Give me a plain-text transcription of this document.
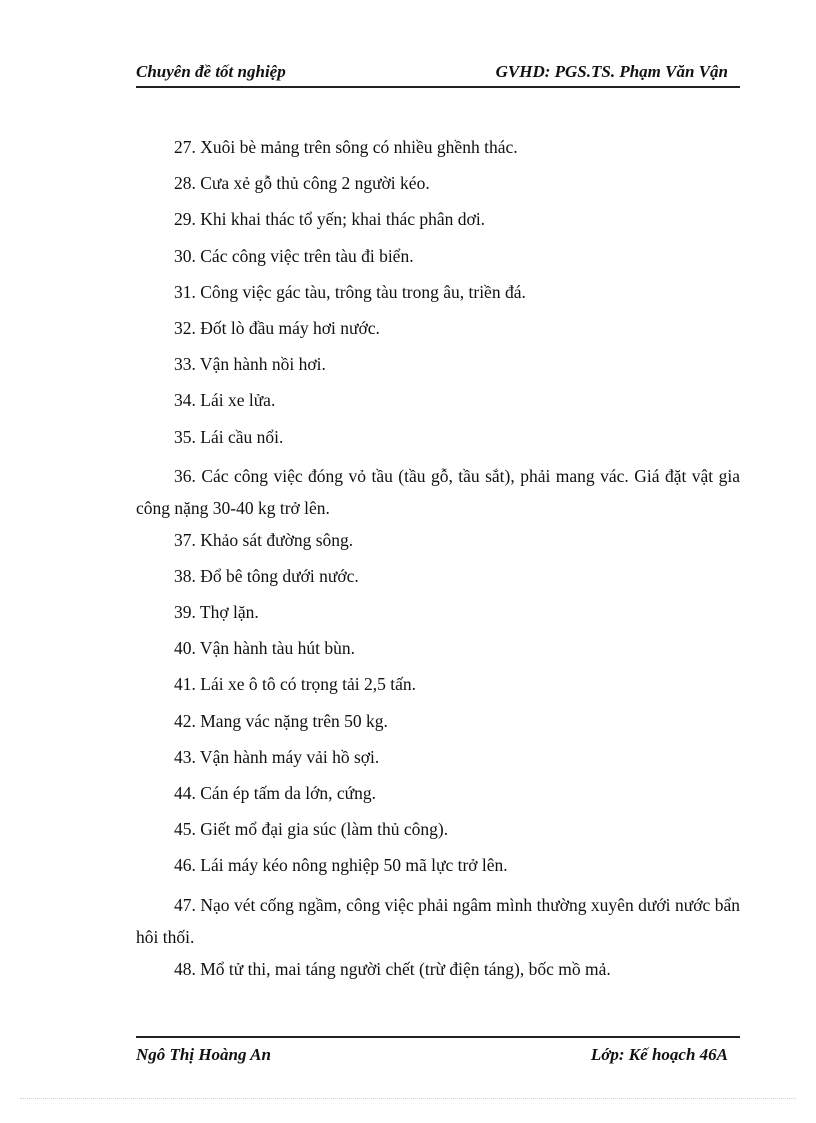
Chuyên đề tốt nghiệp	GVHD: PGS.TS. Phạm Văn Vận

27. Xuôi bè mảng trên sông có nhiều ghềnh thác.

28. Cưa xẻ gỗ thủ công 2 người kéo.

29. Khi khai thác tổ yến; khai thác phân dơi.

30. Các công việc trên tàu đi biển.

31. Công việc gác tàu, trông tàu trong âu, triền đá.

32. Đốt lò đầu máy hơi nước.

33. Vận hành nồi hơi.

34. Lái xe lửa.

35. Lái cầu nổi.

36. Các công việc đóng vỏ tầu (tầu gỗ, tầu sắt), phải mang vác. Giá đặt vật gia công nặng 30-40 kg trở lên.

37. Khảo sát đường sông.

38. Đổ bê tông dưới nước.

39. Thợ lặn.

40. Vận hành tàu hút bùn.

41. Lái xe ô tô có trọng tải 2,5 tấn.

42. Mang vác nặng trên 50 kg.

43. Vận hành máy vải hồ sợi.

44. Cán ép tấm da lớn, cứng.

45. Giết mổ đại gia súc (làm thủ công).

46. Lái máy kéo nông nghiệp 50 mã lực trở lên.

47. Nạo vét cống ngầm, công việc phải ngâm mình thường xuyên dưới nước bẩn hôi thối.

48. Mổ tử thi, mai táng người chết (trừ điện táng), bốc mồ mả.

Ngô Thị Hoàng An	Lớp: Kế hoạch 46A
